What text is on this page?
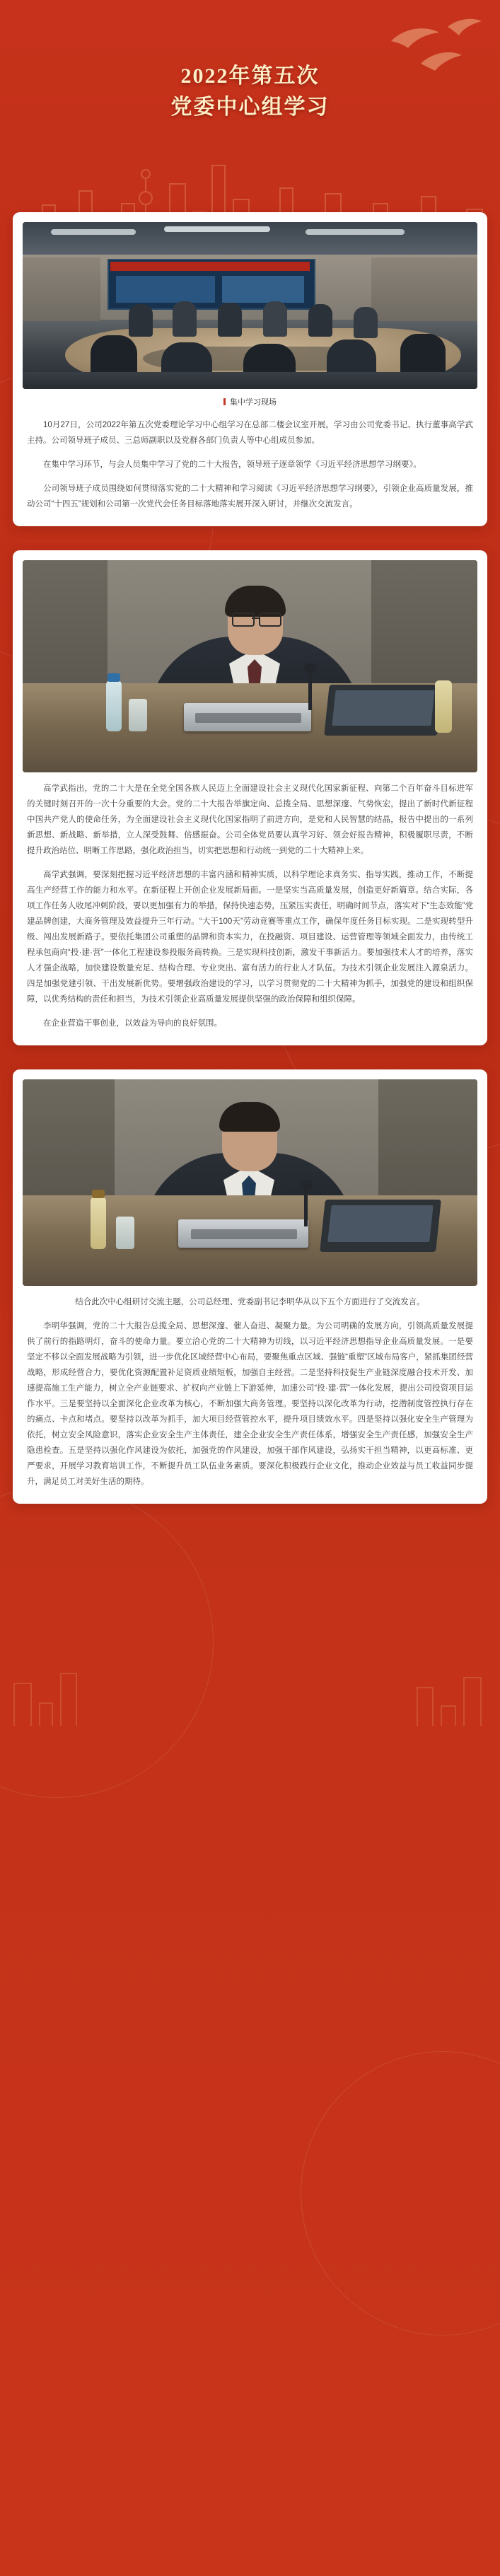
2022年第五次
党委中心组学习
集中学习现场

10月27日，公司2022年第五次党委理论学习中心组学习在总部二楼会议室开展。学习由公司党委书记、执行董事高学武主持。公司领导班子成员、三总师副职以及党群各部门负责人等中心组成员参加。

在集中学习环节，与会人员集中学习了党的二十大报告，领导班子逐章领学《习近平经济思想学习纲要》。

公司领导班子成员围绕如何贯彻落实党的二十大精神和学习阅读《习近平经济思想学习纲要》，引领企业高质量发展，推动公司“十四五”规划和公司第一次党代会任务目标落地落实展开深入研讨，并继次交流发言。

高学武指出，党的二十大是在全党全国各族人民迈上全面建设社会主义现代化国家新征程、向第二个百年奋斗目标进军的关键时刻召开的一次十分重要的大会。党的二十大报告举旗定向、总揽全局、思想深邃、气势恢宏，提出了新时代新征程中国共产党人的使命任务，为全面建设社会主义现代化国家指明了前进方向，是党和人民智慧的结晶，报告中提出的一系列新思想、新战略、新举措，立人深受鼓舞、倍感振奋。公司全体党员要认真学习好、领会好报告精神，积极履职尽责，不断提升政治站位、明晰工作思路，强化政治担当，切实把思想和行动统一到党的二十大精神上来。

高学武强调，要深刻把握习近平经济思想的丰富内涵和精神实质，以科学理论求真务实、指导实践，推动工作，不断提高生产经营工作的能力和水平。在新征程上开创企业发展新局面。一是坚实当高质量发展，创造更好新篇章。结合实际，各项工作任务人收尾冲刺阶段，要以更加强有力的举措，保持快速态势，压紧压实责任，明确时间节点，落实对下“生态效能”党建品牌创建，大商务管理及效益提升三年行动。“大干100天”劳动竞赛等重点工作，确保年度任务目标实现。二是实现转型升级、闯出发展新路子。要依托集团公司重塑的品牌和资本实力，在投融资、项目建设、运营管理等领域全面发力，由传统工程承包商向“投·建·营”一体化工程建设参投服务商转换。三是实现科技创新，激发干事新活力。要加强技术人才的培养，落实人才强企战略，加快建设数量充足、结构合理、专业突出、富有活力的行业人才队伍。为技术引领企业发展注入源泉活力。四是加强党建引领、干出发展新优势。要增强政治建设的学习，以学习贯彻党的二十大精神为抓手，加强党的建设和组织保障，以优秀结构的责任和担当，为技术引领企业高质量发展提供坚强的政治保障和组织保障。

在企业营造干事创业，以效益为导向的良好氛围。

结合此次中心组研讨交流主题，公司总经理、党委副书记李明华从以下五个方面进行了交流发言。

李明华强调，党的二十大报告总揽全局、思想深邃、催人奋进、凝聚力量。为公司明确的发展方向，引领高质量发展提供了前行的指路明灯，奋斗的使命力量。要立洽心党的二十大精神为切线，以习近平经济思想指导企业高质量发展。一是要坚定不移以全面发展战略为引领，进一步优化区域经营中心布局，要聚焦重点区域、强链“重塑”区域布局客户，紧抓集团经营战略，形成经营合力，要优化资源配置补足资质业绩短板，加强自主经营。二是坚持科技促生产业链深度融合技术开发、加速提高施工生产能力，树立全产业链要求、扩权向产业链上下游延伸，加速公司“投·建·营”一体化发展，提出公司投资项目运作水平。三是要坚持以全面深化企业改革为核心，不断加强大商务管理。要坚持以深化改革为行动，挖潜制度管控执行存在的痛点、卡点和堵点。要坚持以改革为抓手，加大项目经营管控水平，提升项目绩效水平。四是坚持以强化安全生产管理为依托，树立安全风险意识，落实企业安全生产主体责任，建全企业安全生产责任体系，增强安全生产责任感，加强安全生产隐患检查。五是坚持以强化作风建设为依托，加强党的作风建设，加强干部作风建设，弘扬实干担当精神，以更高标准、更严要求，开展学习教育培训工作，不断提升员工队伍业务素质。要深化积极践行企业文化，推动企业效益与员工收益同步提升，满足员工对美好生活的期待。
